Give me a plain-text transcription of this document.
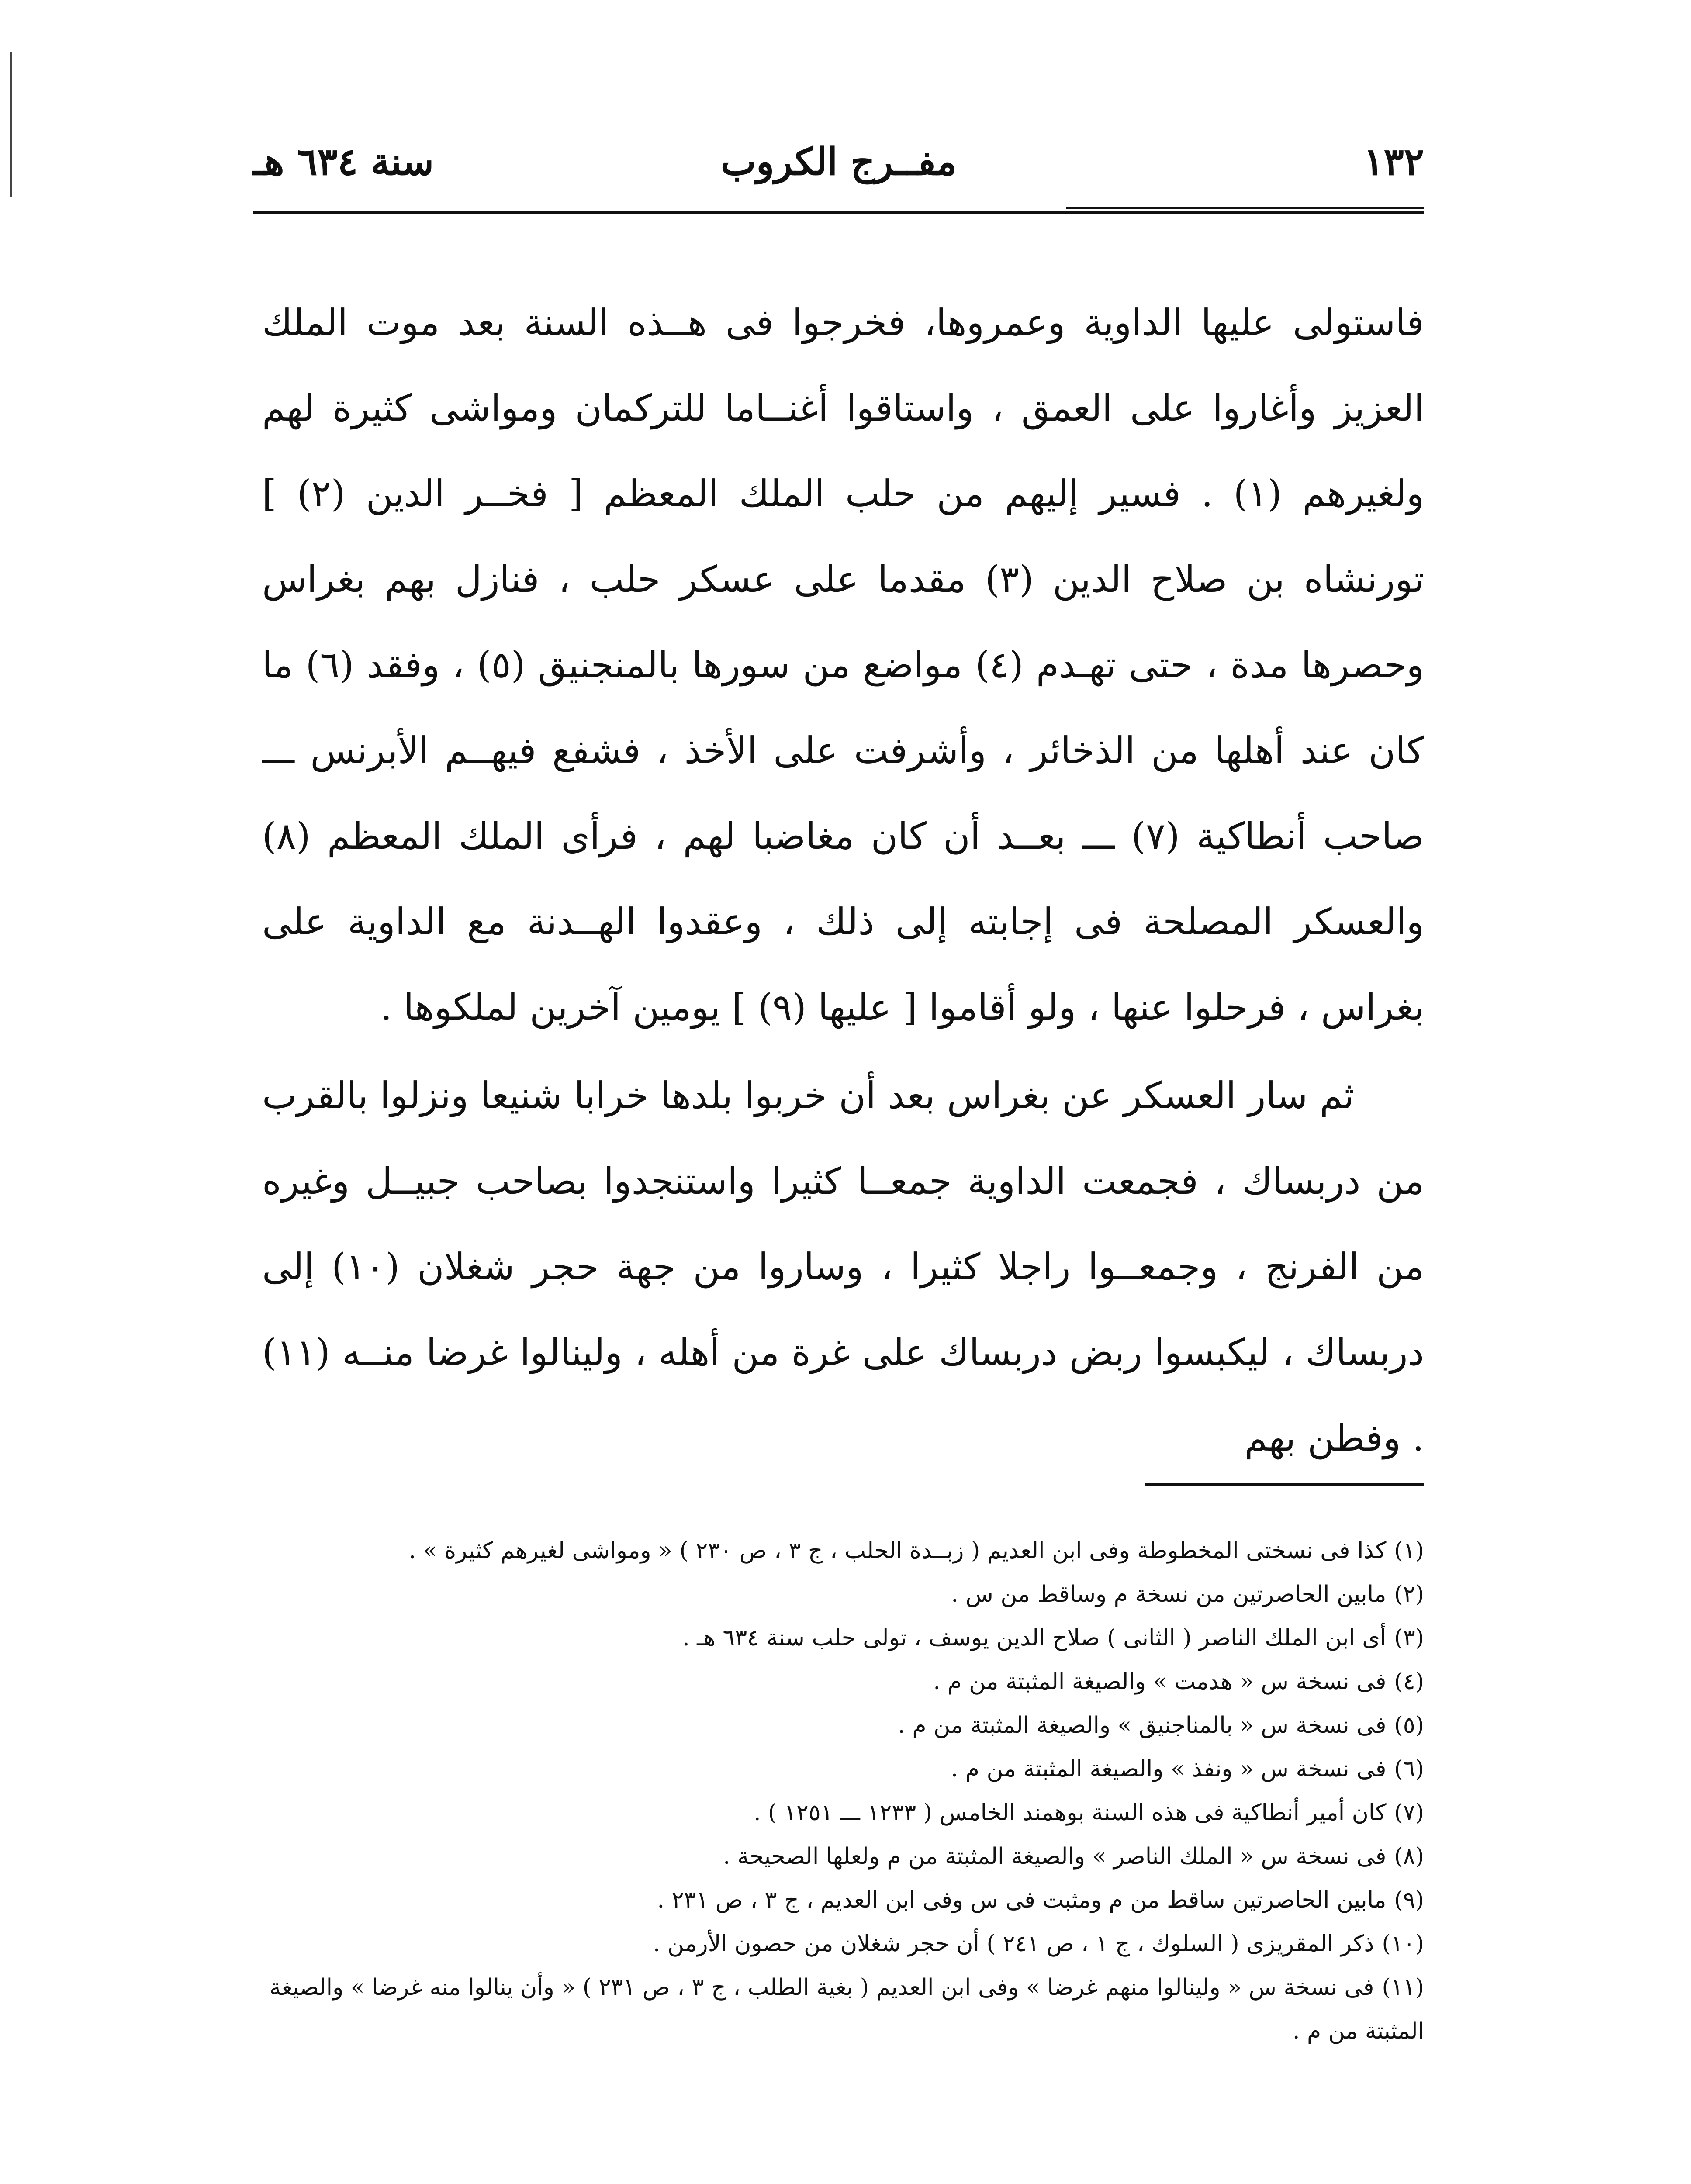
١٣٢
مفــرج الكروب
سنة ٦٣٤ هـ

فاستولى عليها الداوية وعمروها، فخرجوا فى هــذه السنة بعد موت الملك العزيز وأغاروا على العمق ، واستاقوا أغنــاما للتركمان ومواشى كثيرة لهم ولغيرهم (١) . فسير إليهم من حلب الملك المعظم [ فخــر الدين (٢) ] تورنشاه بن صلاح الدين (٣) مقدما على عسكر حلب ، فنازل بهم بغراس وحصرها مدة ، حتى تهـدم (٤) مواضع من سورها بالمنجنيق (٥) ، وفقد (٦) ما كان عند أهلها من الذخائر ، وأشرفت على الأخذ ، فشفع فيهــم الأبرنس ـــ صاحب أنطاكية (٧) ـــ بعــد أن كان مغاضبا لهم ، فرأى الملك المعظم (٨) والعسكر المصلحة فى إجابته إلى ذلك ، وعقدوا الهــدنة مع الداوية على بغراس ، فرحلوا عنها ، ولو أقاموا [ عليها (٩) ] يومين آخرين لملكوها .

ثم سار العسكر عن بغراس بعد أن خربوا بلدها خرابا شنيعا ونزلوا بالقرب من دربساك ، فجمعت الداوية جمعــا كثيرا واستنجدوا بصاحب جبيــل وغيره من الفرنج ، وجمعــوا راجلا كثيرا ، وساروا من جهة حجر شغلان (١٠) إلى دربساك ، ليكبسوا ربض دربساك على غرة من أهله ، ولينالوا غرضا منــه (١١) . وفطن بهم

(١)كذا فى نسختى المخطوطة وفى ابن العديم ( زبــدة الحلب ، ج ٣ ، ص ٢٣٠ ) « ومواشى لغيرهم كثيرة » .

(٢)مابين الحاصرتين من نسخة م وساقط من س .

(٣)أى ابن الملك الناصر ( الثانى ) صلاح الدين يوسف ، تولى حلب سنة ٦٣٤ هـ .

(٤)فى نسخة س « هدمت » والصيغة المثبتة من م .

(٥)فى نسخة س « بالمناجنيق » والصيغة المثبتة من م .

(٦)فى نسخة س « ونفذ » والصيغة المثبتة من م .

(٧)كان أمير أنطاكية فى هذه السنة بوهمند الخامس ( ١٢٣٣ ـــ ١٢٥١ ) .

(٨)فى نسخة س « الملك الناصر » والصيغة المثبتة من م ولعلها الصحيحة .

(٩)مابين الحاصرتين ساقط من م ومثبت فى س وفى ابن العديم ، ج ٣ ، ص ٢٣١ .

(١٠)ذكر المقريزى ( السلوك ، ج ١ ، ص ٢٤١ ) أن حجر شغلان من حصون الأرمن .

(١١)فى نسخة س « ولينالوا منهم غرضا » وفى ابن العديم ( بغية الطلب ، ج ٣ ، ص ٢٣١ ) « وأن ينالوا منه غرضا » والصيغة المثبتة من م .
